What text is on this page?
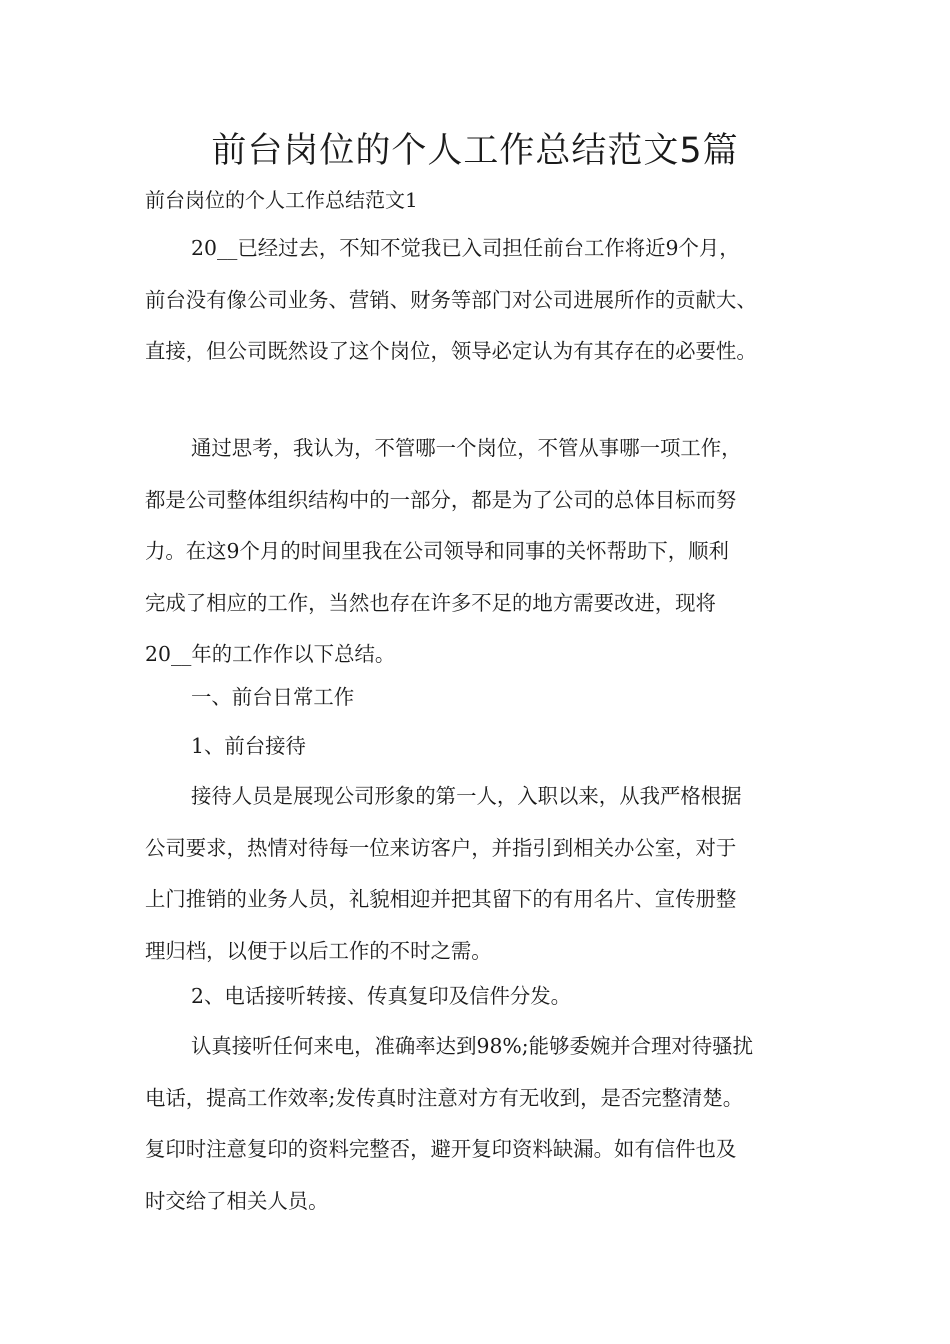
前台岗位的个人工作总结范文5篇

前台岗位的个人工作总结范文1

20__已经过去，不知不觉我已入司担任前台工作将近9个月，
前台没有像公司业务、营销、财务等部门对公司进展所作的贡献大、
直接，但公司既然设了这个岗位，领导必定认为有其存在的必要性。

通过思考，我认为，不管哪一个岗位，不管从事哪一项工作，
都是公司整体组织结构中的一部分，都是为了公司的总体目标而努
力。在这9个月的时间里我在公司领导和同事的关怀帮助下，顺利
完成了相应的工作，当然也存在许多不足的地方需要改进，现将
20__年的工作作以下总结。

一、前台日常工作

1、前台接待

接待人员是展现公司形象的第一人，入职以来，从我严格根据
公司要求，热情对待每一位来访客户，并指引到相关办公室，对于
上门推销的业务人员，礼貌相迎并把其留下的有用名片、宣传册整
理归档，以便于以后工作的不时之需。

2、电话接听转接、传真复印及信件分发。

认真接听任何来电，准确率达到98%;能够委婉并合理对待骚扰
电话，提高工作效率;发传真时注意对方有无收到，是否完整清楚。
复印时注意复印的资料完整否，避开复印资料缺漏。如有信件也及
时交给了相关人员。
